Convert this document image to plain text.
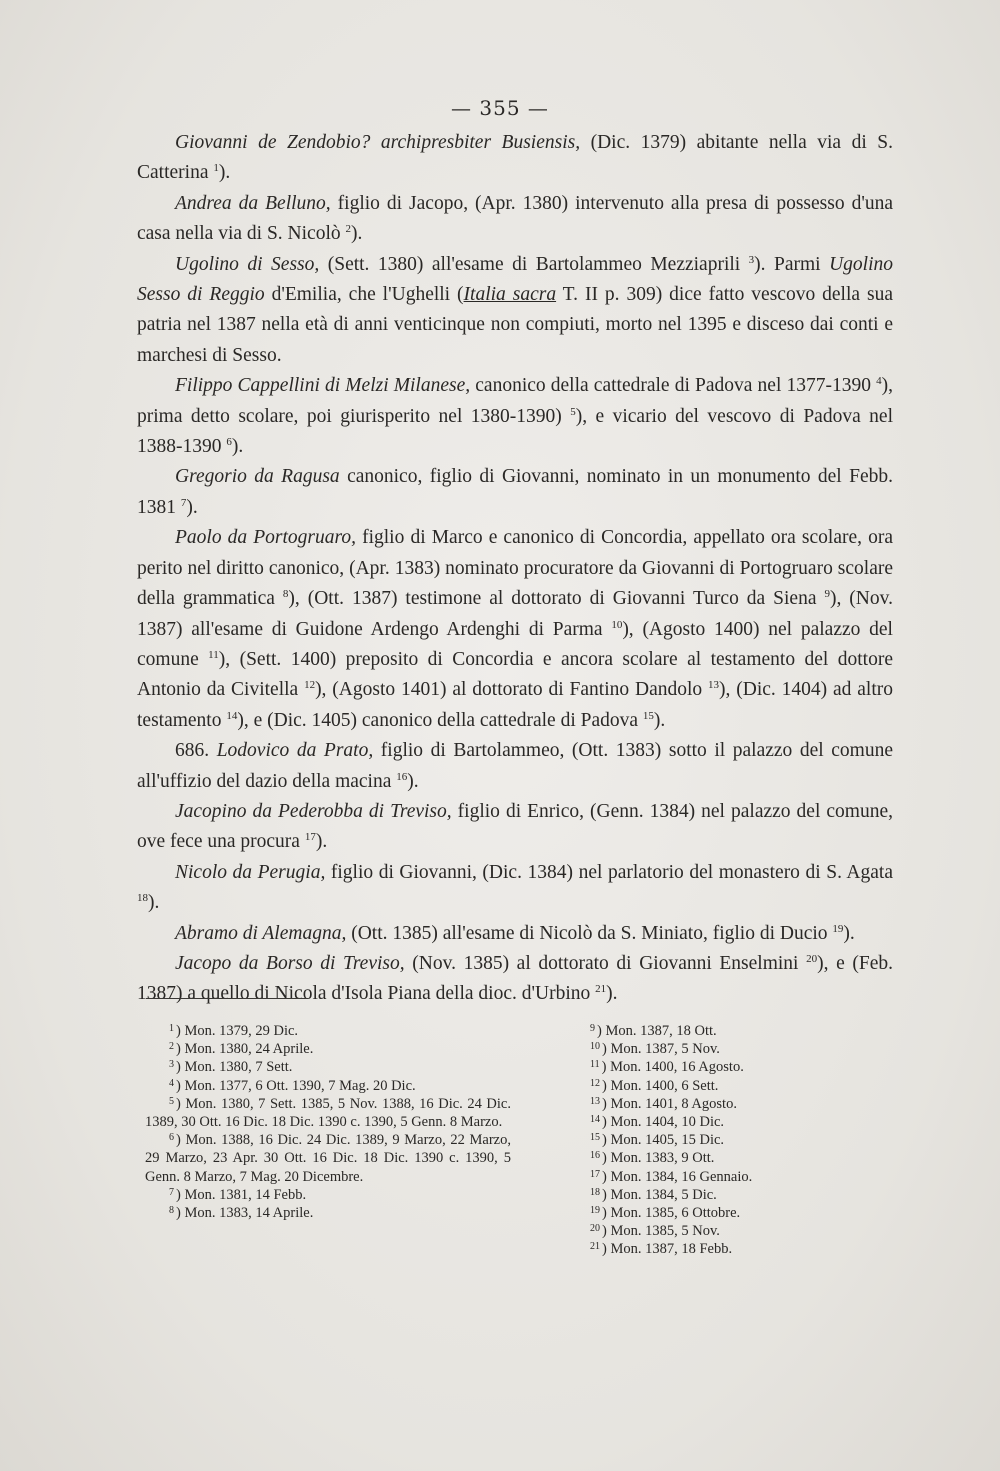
— 355 —

Giovanni de Zendobio? archipresbiter Busiensis, (Dic. 1379) abitante nella via di S. Catterina $^1$).

Andrea da Belluno, figlio di Jacopo, (Apr. 1380) intervenuto alla presa di possesso d'una casa nella via di S. Nicolò $^2$).

Ugolino di Sesso, (Sett. 1380) all'esame di Bartolammeo Mezziaprili $^3$). Parmi Ugolino Sesso di Reggio d'Emilia, che l'Ughelli (Italia sacra T. II p. 309) dice fatto vescovo della sua patria nel 1387 nella età di anni venticinque non compiuti, morto nel 1395 e disceso dai conti e marchesi di Sesso.

Filippo Cappellini di Melzi Milanese, canonico della cattedrale di Padova nel 1377-1390 $^4$), prima detto scolare, poi giurisperito nel 1380-1390) $^5$), e vicario del vescovo di Padova nel 1388-1390 $^6$).

Gregorio da Ragusa canonico, figlio di Giovanni, nominato in un monumento del Febb. 1381 $^7$).

Paolo da Portogruaro, figlio di Marco e canonico di Concordia, appellato ora scolare, ora perito nel diritto canonico, (Apr. 1383) nominato procuratore da Giovanni di Portogruaro scolare della grammatica $^8$), (Ott. 1387) testimone al dottorato di Giovanni Turco da Siena $^9$), (Nov. 1387) all'esame di Guidone Ardengo Ardenghi di Parma $^{10}$), (Agosto 1400) nel palazzo del comune $^{11}$), (Sett. 1400) preposito di Concordia e ancora scolare al testamento del dottore Antonio da Civitella $^{12}$), (Agosto 1401) al dottorato di Fantino Dandolo $^{13}$), (Dic. 1404) ad altro testamento $^{14}$), e (Dic. 1405) canonico della cattedrale di Padova $^{15}$).

686. Lodovico da Prato, figlio di Bartolammeo, (Ott. 1383) sotto il palazzo del comune all'uffizio del dazio della macina $^{16}$).

Jacopino da Pederobba di Treviso, figlio di Enrico, (Genn. 1384) nel palazzo del comune, ove fece una procura $^{17}$).

Nicolo da Perugia, figlio di Giovanni, (Dic. 1384) nel parlatorio del monastero di S. Agata $^{18}$).

Abramo di Alemagna, (Ott. 1385) all'esame di Nicolò da S. Miniato, figlio di Ducio $^{19}$).

Jacopo da Borso di Treviso, (Nov. 1385) al dottorato di Giovanni Enselmini $^{20}$), e (Feb. 1387) a quello di Nicola d'Isola Piana della dioc. d'Urbino $^{21}$).

$^1$ ) Mon. 1379, 29 Dic.

$^2$ ) Mon. 1380, 24 Aprile.

$^3$ ) Mon. 1380, 7 Sett.

$^4$ ) Mon. 1377, 6 Ott. 1390, 7 Mag. 20 Dic.

$^5$ ) Mon. 1380, 7 Sett. 1385, 5 Nov. 1388, 16 Dic. 24 Dic. 1389, 30 Ott. 16 Dic. 18 Dic. 1390 c. 1390, 5 Genn. 8 Marzo.

$^6$ ) Mon. 1388, 16 Dic. 24 Dic. 1389, 9 Marzo, 22 Marzo, 29 Marzo, 23 Apr. 30 Ott. 16 Dic. 18 Dic. 1390 c. 1390, 5 Genn. 8 Marzo, 7 Mag. 20 Dicembre.

$^7$ ) Mon. 1381, 14 Febb.

$^8$ ) Mon. 1383, 14 Aprile.

$^9$ ) Mon. 1387, 18 Ott.

$^{10}$ ) Mon. 1387, 5 Nov.

$^{11}$ ) Mon. 1400, 16 Agosto.

$^{12}$ ) Mon. 1400, 6 Sett.

$^{13}$ ) Mon. 1401, 8 Agosto.

$^{14}$ ) Mon. 1404, 10 Dic.

$^{15}$ ) Mon. 1405, 15 Dic.

$^{16}$ ) Mon. 1383, 9 Ott.

$^{17}$ ) Mon. 1384, 16 Gennaio.

$^{18}$ ) Mon. 1384, 5 Dic.

$^{19}$ ) Mon. 1385, 6 Ottobre.

$^{20}$ ) Mon. 1385, 5 Nov.

$^{21}$ ) Mon. 1387, 18 Febb.
